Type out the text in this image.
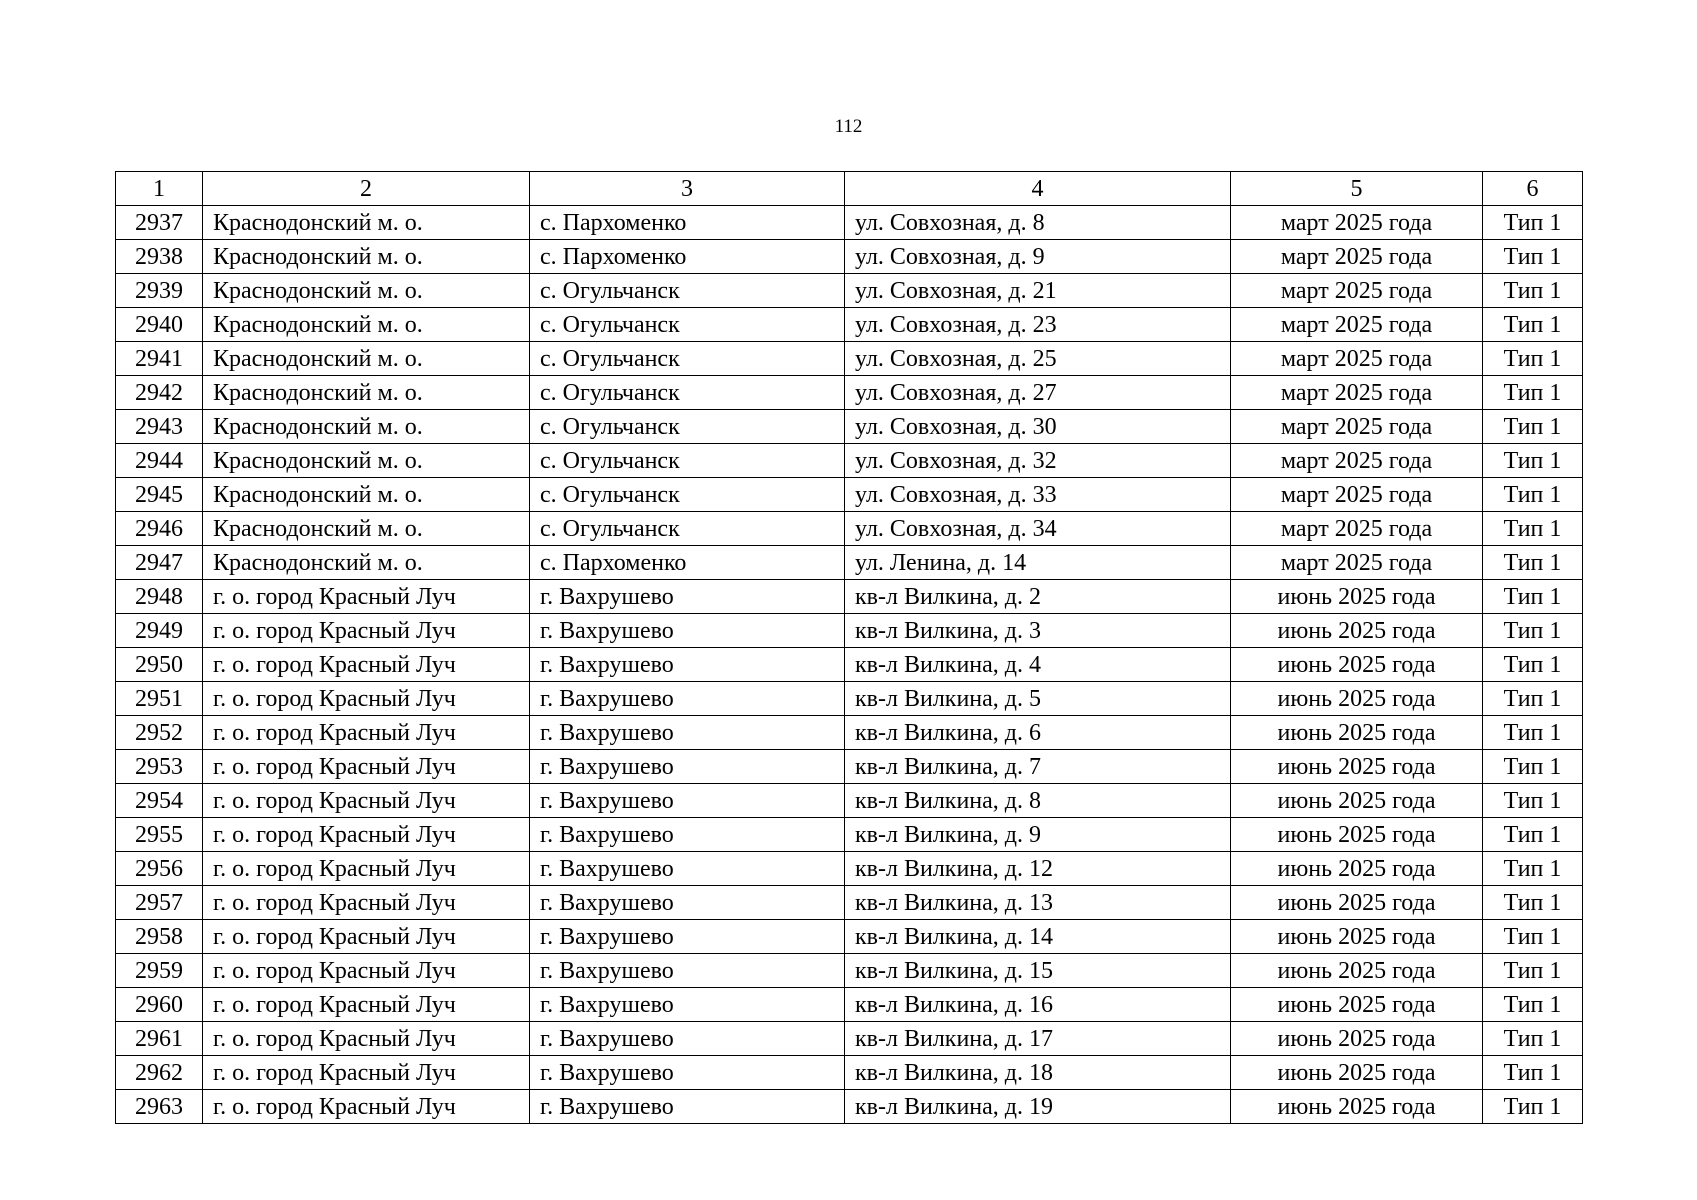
112
1	2	3	4	5	6
2937	Краснодонский м. о.	с. Пархоменко	ул. Совхозная, д. 8	март 2025 года	Тип 1
2938	Краснодонский м. о.	с. Пархоменко	ул. Совхозная, д. 9	март 2025 года	Тип 1
2939	Краснодонский м. о.	с. Огульчанск	ул. Совхозная, д. 21	март 2025 года	Тип 1
2940	Краснодонский м. о.	с. Огульчанск	ул. Совхозная, д. 23	март 2025 года	Тип 1
2941	Краснодонский м. о.	с. Огульчанск	ул. Совхозная, д. 25	март 2025 года	Тип 1
2942	Краснодонский м. о.	с. Огульчанск	ул. Совхозная, д. 27	март 2025 года	Тип 1
2943	Краснодонский м. о.	с. Огульчанск	ул. Совхозная, д. 30	март 2025 года	Тип 1
2944	Краснодонский м. о.	с. Огульчанск	ул. Совхозная, д. 32	март 2025 года	Тип 1
2945	Краснодонский м. о.	с. Огульчанск	ул. Совхозная, д. 33	март 2025 года	Тип 1
2946	Краснодонский м. о.	с. Огульчанск	ул. Совхозная, д. 34	март 2025 года	Тип 1
2947	Краснодонский м. о.	с. Пархоменко	ул. Ленина, д. 14	март 2025 года	Тип 1
2948	г. о. город Красный Луч	г. Вахрушево	кв-л Вилкина, д. 2	июнь 2025 года	Тип 1
2949	г. о. город Красный Луч	г. Вахрушево	кв-л Вилкина, д. 3	июнь 2025 года	Тип 1
2950	г. о. город Красный Луч	г. Вахрушево	кв-л Вилкина, д. 4	июнь 2025 года	Тип 1
2951	г. о. город Красный Луч	г. Вахрушево	кв-л Вилкина, д. 5	июнь 2025 года	Тип 1
2952	г. о. город Красный Луч	г. Вахрушево	кв-л Вилкина, д. 6	июнь 2025 года	Тип 1
2953	г. о. город Красный Луч	г. Вахрушево	кв-л Вилкина, д. 7	июнь 2025 года	Тип 1
2954	г. о. город Красный Луч	г. Вахрушево	кв-л Вилкина, д. 8	июнь 2025 года	Тип 1
2955	г. о. город Красный Луч	г. Вахрушево	кв-л Вилкина, д. 9	июнь 2025 года	Тип 1
2956	г. о. город Красный Луч	г. Вахрушево	кв-л Вилкина, д. 12	июнь 2025 года	Тип 1
2957	г. о. город Красный Луч	г. Вахрушево	кв-л Вилкина, д. 13	июнь 2025 года	Тип 1
2958	г. о. город Красный Луч	г. Вахрушево	кв-л Вилкина, д. 14	июнь 2025 года	Тип 1
2959	г. о. город Красный Луч	г. Вахрушево	кв-л Вилкина, д. 15	июнь 2025 года	Тип 1
2960	г. о. город Красный Луч	г. Вахрушево	кв-л Вилкина, д. 16	июнь 2025 года	Тип 1
2961	г. о. город Красный Луч	г. Вахрушево	кв-л Вилкина, д. 17	июнь 2025 года	Тип 1
2962	г. о. город Красный Луч	г. Вахрушево	кв-л Вилкина, д. 18	июнь 2025 года	Тип 1
2963	г. о. город Красный Луч	г. Вахрушево	кв-л Вилкина, д. 19	июнь 2025 года	Тип 1
